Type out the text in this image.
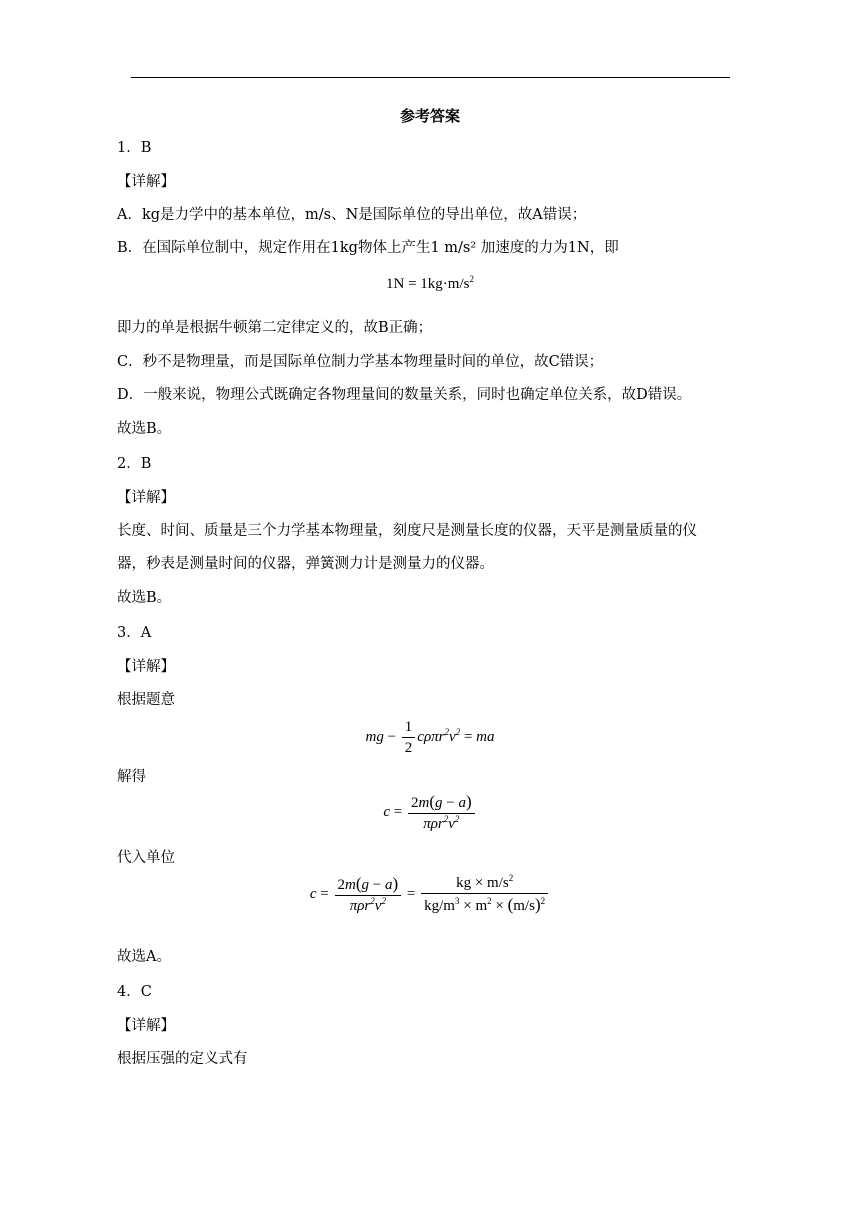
参考答案
1．B
【详解】
A．kg是力学中的基本单位，m/s、N是国际单位的导出单位，故A错误；
B．在国际单位制中，规定作用在1kg物体上产生1 m/s² 加速度的力为1N，即
$1N = 1kg\cdot m/s^2$
即力的单是根据牛顿第二定律定义的，故B正确；
C．秒不是物理量，而是国际单位制力学基本物理量时间的单位，故C错误；
D．一般来说，物理公式既确定各物理量间的数量关系，同时也确定单位关系，故D错误。
故选B。
2．B
【详解】
长度、时间、质量是三个力学基本物理量，刻度尺是测量长度的仪器，天平是测量质量的仪
器，秒表是测量时间的仪器，弹簧测力计是测量力的仪器。
故选B。
3．A
【详解】
根据题意
mg − $\frac{1}{2} c\rho\pi r^2v^2$ = ma
解得
$c = \frac{2m(g - a)}{\pi\rho r^2v^2}$
代入单位
$c = \frac{2m(g - a)}{\pi\rho r^2v^2} = \frac{kg \times m/s^2}{kg/m^3 \times m^2 \times (m/s)^2}$
故选A。
4．C
【详解】
根据压强的定义式有
